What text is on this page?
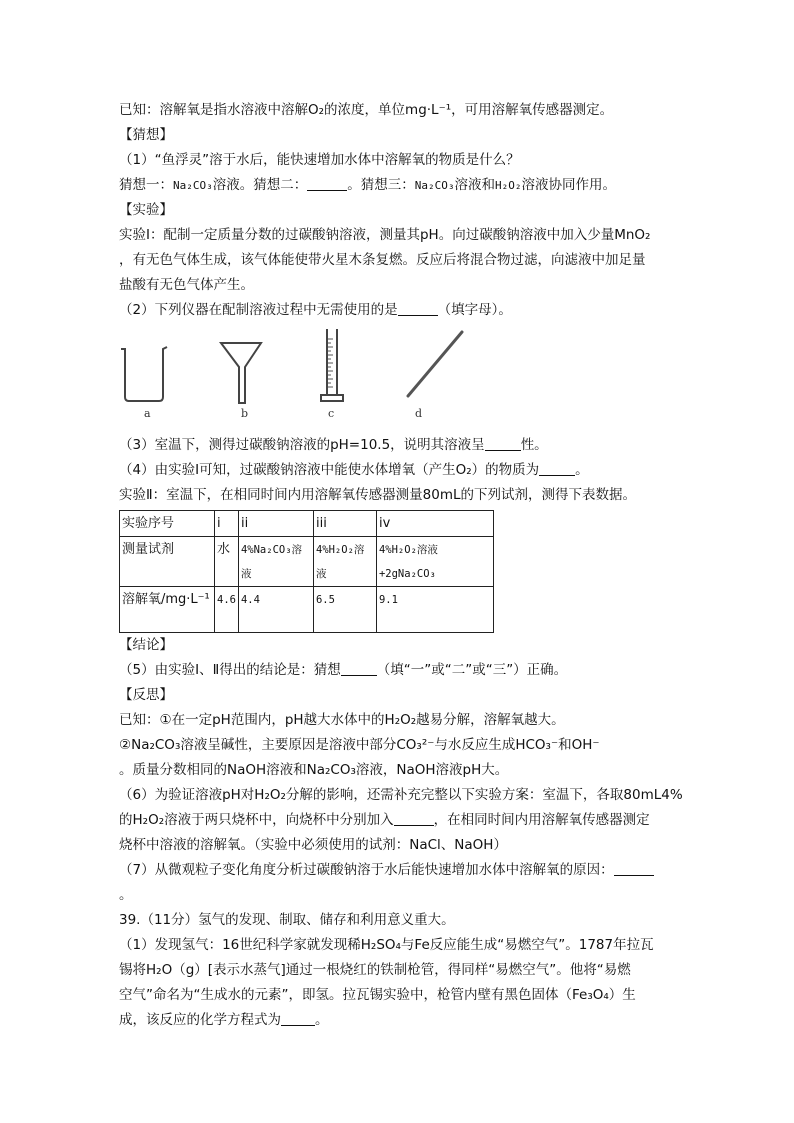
已知：溶解氧是指水溶液中溶解O₂的浓度，单位mg·L⁻¹，可用溶解氧传感器测定。
【猜想】
（1）“鱼浮灵”溶于水后，能快速增加水体中溶解氧的物质是什么？
猜想一：Na₂CO₃溶液。猜想二：	。猜想三：Na₂CO₃溶液和H₂O₂溶液协同作用。
【实验】
实验Ⅰ：配制一定质量分数的过碳酸钠溶液，测量其pH。向过碳酸钠溶液中加入少量MnO₂
，有无色气体生成，该气体能使带火星木条复燃。反应后将混合物过滤，向滤液中加足量
盐酸有无色气体产生。
（2）下列仪器在配制溶液过程中无需使用的是	（填字母）。
a	b	c	d
（3）室温下，测得过碳酸钠溶液的pH=10.5，说明其溶液呈	性。
（4）由实验Ⅰ可知，过碳酸钠溶液中能使水体增氧（产生O₂）的物质为	。
实验Ⅱ：室温下，在相同时间内用溶解氧传感器测量80mL的下列试剂，测得下表数据。
实验序号	i	ii	iii	iv
测量试剂	水	4%Na₂CO₃溶液	4%H₂O₂溶液	4%H₂O₂溶液+2gNa₂CO₃
溶解氧/mg·L⁻¹	4.6	4.4	6.5	9.1
【结论】
（5）由实验Ⅰ、Ⅱ得出的结论是：猜想	（填“一”或“二”或“三”）正确。
【反思】
已知：①在一定pH范围内，pH越大水体中的H₂O₂越易分解，溶解氧越大。
②Na₂CO₃溶液呈碱性，主要原因是溶液中部分CO₃²⁻与水反应生成HCO₃⁻和OH⁻
。质量分数相同的NaOH溶液和Na₂CO₃溶液，NaOH溶液pH大。
（6）为验证溶液pH对H₂O₂分解的影响，还需补充完整以下实验方案：室温下，各取80mL4%
的H₂O₂溶液于两只烧杯中，向烧杯中分别加入	，在相同时间内用溶解氧传感器测定
烧杯中溶液的溶解氧。（实验中必须使用的试剂：NaCl、NaOH）
（7）从微观粒子变化角度分析过碳酸钠溶于水后能快速增加水体中溶解氧的原因：
。
39.（11分）氢气的发现、制取、储存和利用意义重大。
（1）发现氢气：16世纪科学家就发现稀H₂SO₄与Fe反应能生成“易燃空气”。1787年拉瓦
锡将H₂O（g）[表示水蒸气]通过一根烧红的铁制枪管，得同样“易燃空气”。他将“易燃
空气”命名为“生成水的元素”，即氢。拉瓦锡实验中，枪管内壁有黑色固体（Fe₃O₄）生
成，该反应的化学方程式为	。
